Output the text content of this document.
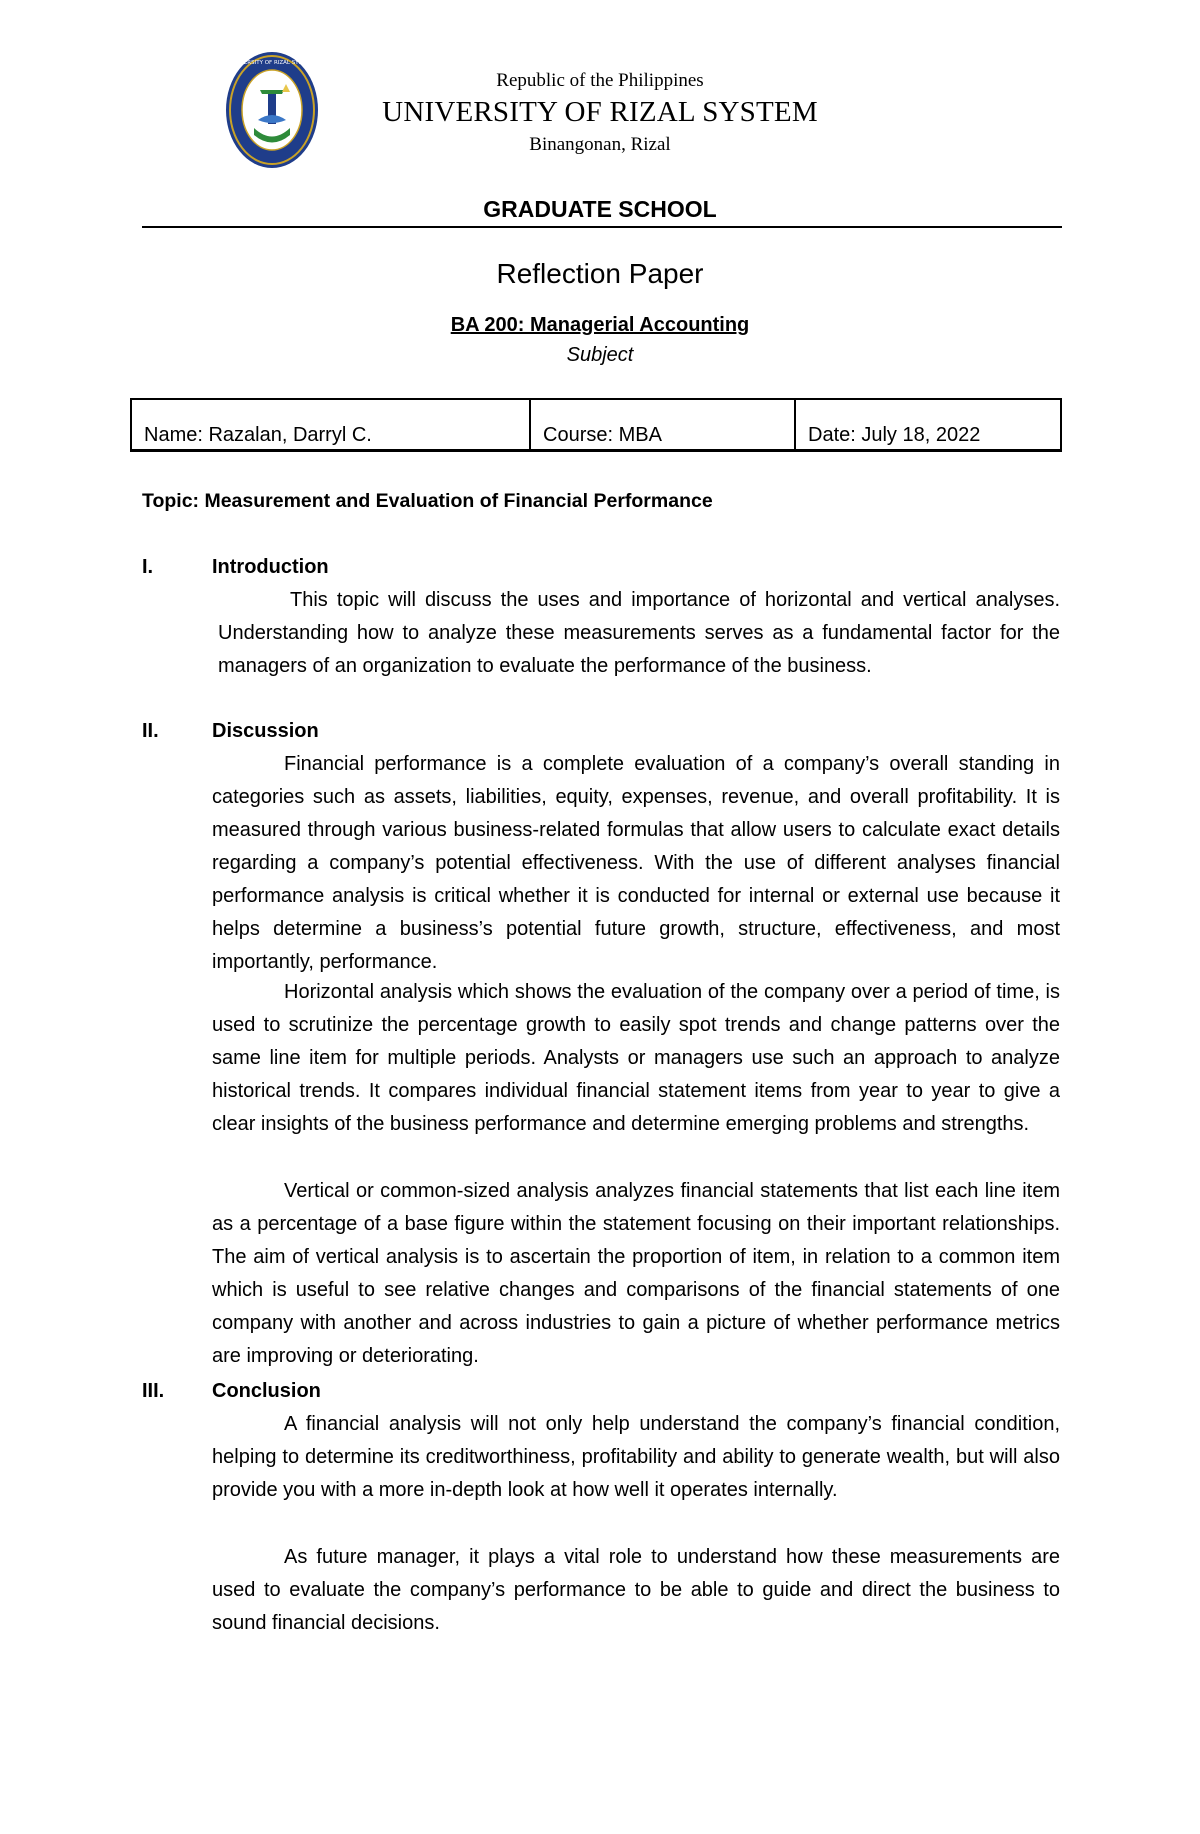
UNIVERSITY OF RIZAL SYSTEM
Republic of the Philippines
UNIVERSITY OF RIZAL SYSTEM
Binangonan, Rizal
GRADUATE SCHOOL
Reflection Paper
BA 200: Managerial Accounting
Subject
Name: Razalan, Darryl C.	Course: MBA	Date: July 18, 2022
Topic: Measurement and Evaluation of Financial Performance
I.	Introduction

This topic will discuss the uses and importance of horizontal and vertical analyses. Understanding how to analyze these measurements serves as a fundamental factor for the managers of an organization to evaluate the performance of the business.

II.	Discussion

Financial performance is a complete evaluation of a company’s overall standing in categories such as assets, liabilities, equity, expenses, revenue, and overall profitability. It is measured through various business-related formulas that allow users to calculate exact details regarding a company’s potential effectiveness. With the use of different analyses financial performance analysis is critical whether it is conducted for internal or external use because it helps determine a business’s potential future growth, structure, effectiveness, and most importantly, performance.

Horizontal analysis which shows the evaluation of the company over a period of time, is used to scrutinize the percentage growth to easily spot trends and change patterns over the same line item for multiple periods. Analysts or managers use such an approach to analyze historical trends. It compares individual financial statement items from year to year to give a clear insights of the business performance and determine emerging problems and strengths.

Vertical or common-sized analysis analyzes financial statements that list each line item as a percentage of a base figure within the statement focusing on their important relationships. The aim of vertical analysis is to ascertain the proportion of item, in relation to a common item which is useful to see relative changes and comparisons of the financial statements of one company with another and across industries to gain a picture of whether performance metrics are improving or deteriorating.

III. Conclusion

A financial analysis will not only help understand the company’s financial condition, helping to determine its creditworthiness, profitability and ability to generate wealth, but will also provide you with a more in-depth look at how well it operates internally.

As future manager, it plays a vital role to understand how these measurements are used to evaluate the company’s performance to be able to guide and direct the business to sound financial decisions.
